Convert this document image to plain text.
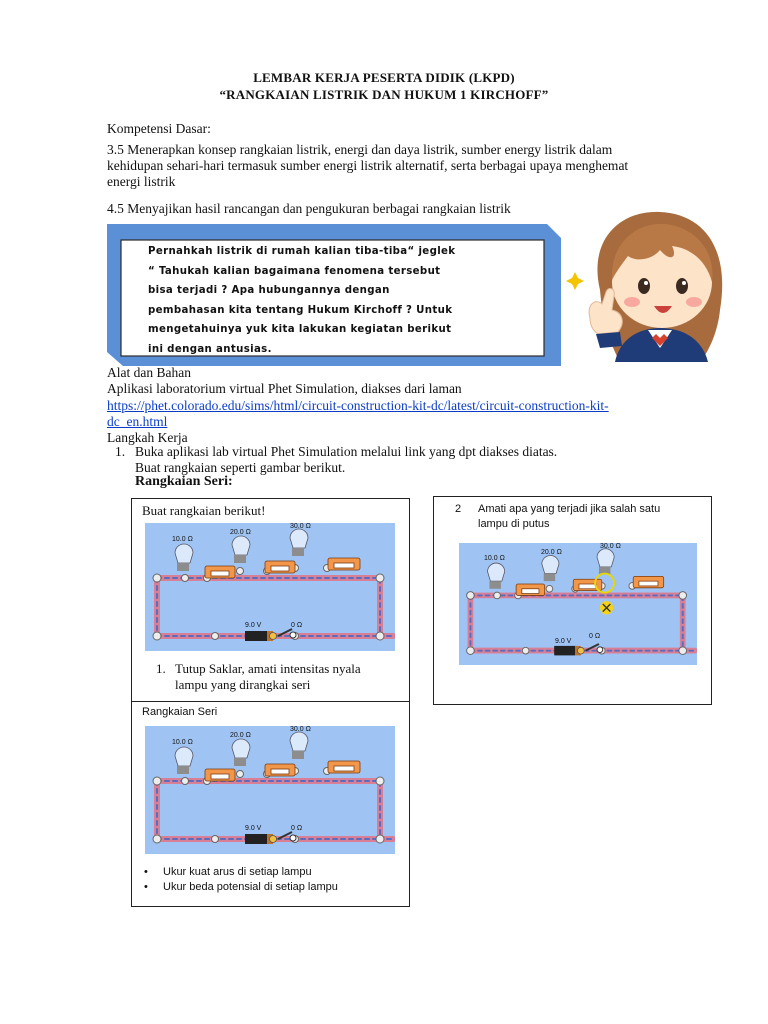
LEMBAR KERJA PESERTA DIDIK (LKPD)
“RANGKAIAN LISTRIK DAN HUKUM 1 KIRCHOFF”
Kompetensi Dasar:
3.5 Menerapkan konsep rangkaian listrik, energi dan daya listrik, sumber energy listrik dalam
kehidupan sehari-hari termasuk sumber energi listrik alternatif, serta berbagai upaya menghemat
energi listrik
4.5 Menyajikan hasil rancangan dan pengukuran berbagai rangkaian listrik
Pernahkah listrik di rumah kalian tiba-tiba“ jeglek
“ Tahukah kalian bagaimana fenomena tersebut
bisa terjadi ? Apa hubungannya dengan
pembahasan kita tentang Hukum Kirchoff ? Untuk
mengetahuinya yuk kita lakukan kegiatan berikut
ini dengan antusias.
Alat dan Bahan
Aplikasi laboratorium virtual Phet Simulation, diakses dari laman
https://phet.colorado.edu/sims/html/circuit-construction-kit-dc/latest/circuit-construction-kit-
dc_en.html
Langkah Kerja
1. Buka aplikasi lab virtual Phet Simulation melalui link yang dpt diakses diatas.
Buat rangkaian seperti gambar berikut.
Rangkaian Seri:
Buat rangkaian berikut!
10.0 Ω
20.0 Ω
30.0 Ω
9.0 V	0 Ω
1. Tutup Saklar, amati intensitas nyala
lampu yang dirangkai seri
2 Amati apa yang terjadi jika salah satu
lampu di putus
10.0 Ω
20.0 Ω
30.0 Ω
9.0 V
0 Ω
Rangkaian Seri
10.0 Ω
20.0 Ω
30.0 Ω
9.0 V	0 Ω
• Ukur kuat arus di setiap lampu
• Ukur beda potensial di setiap lampu
